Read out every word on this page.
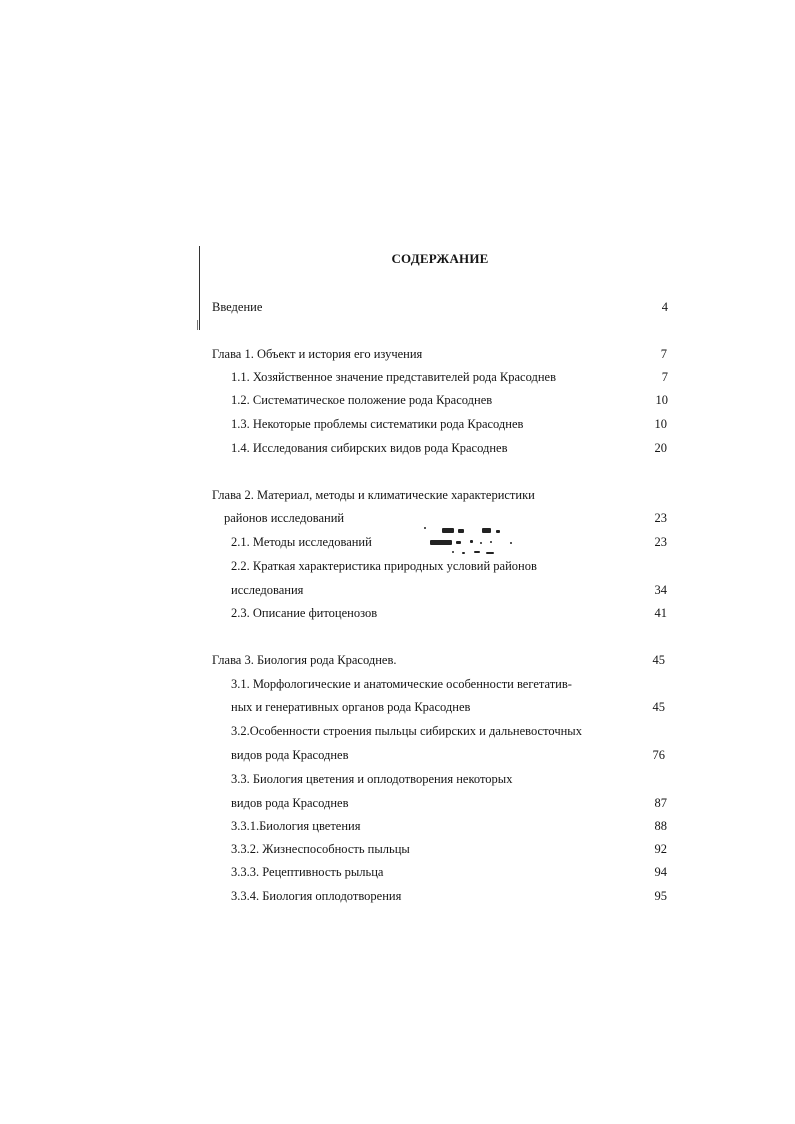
СОДЕРЖАНИЕ
Введение	4
Глава 1. Объект и история его изучения	7
1.1. Хозяйственное значение представителей рода Красоднев	7
1.2. Систематическое положение рода Красоднев	10
1.3. Некоторые проблемы систематики рода Красоднев	10
1.4. Исследования сибирских видов рода Красоднев	20
Глава 2. Материал, методы и климатические характеристики
районов исследований	23
2.1. Методы исследований	23
2.2. Краткая характеристика природных условий районов
исследования	34
2.3. Описание фитоценозов	41
Глава 3. Биология рода Красоднев.	45
3.1. Морфологические и анатомические особенности вегетатив-
ных и генеративных органов рода Красоднев	45
3.2.Особенности строения пыльцы сибирских и дальневосточных
видов рода Красоднев	76
3.3. Биология цветения и оплодотворения некоторых
видов рода Красоднев	87
3.3.1.Биология цветения	88
3.3.2. Жизнеспособность пыльцы	92
3.3.3. Рецептивность рыльца	94
3.3.4. Биология оплодотворения	95
